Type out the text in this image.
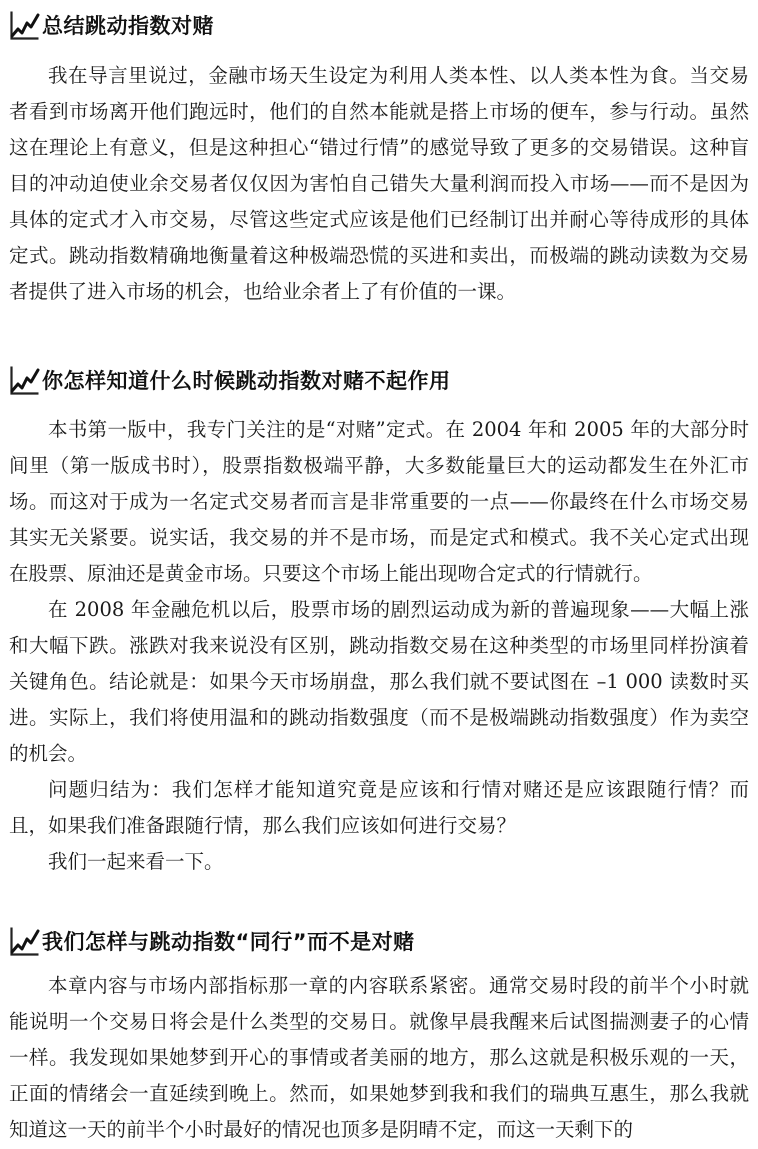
总结跳动指数对赌

我在导言里说过，金融市场天生设定为利用人类本性、以人类本性为食。当交易者看到市场离开他们跑远时，他们的自然本能就是搭上市场的便车，参与行动。虽然这在理论上有意义，但是这种担心“错过行情”的感觉导致了更多的交易错误。这种盲目的冲动迫使业余交易者仅仅因为害怕自己错失大量利润而投入市场——而不是因为具体的定式才入市交易，尽管这些定式应该是他们已经制订出并耐心等待成形的具体定式。跳动指数精确地衡量着这种极端恐慌的买进和卖出，而极端的跳动读数为交易者提供了进入市场的机会，也给业余者上了有价值的一课。

你怎样知道什么时候跳动指数对赌不起作用

本书第一版中，我专门关注的是“对赌”定式。在 2004 年和 2005 年的大部分时间里（第一版成书时），股票指数极端平静，大多数能量巨大的运动都发生在外汇市场。而这对于成为一名定式交易者而言是非常重要的一点——你最终在什么市场交易其实无关紧要。说实话，我交易的并不是市场，而是定式和模式。我不关心定式出现在股票、原油还是黄金市场。只要这个市场上能出现吻合定式的行情就行。

在 2008 年金融危机以后，股票市场的剧烈运动成为新的普遍现象——大幅上涨和大幅下跌。涨跌对我来说没有区别，跳动指数交易在这种类型的市场里同样扮演着关键角色。结论就是：如果今天市场崩盘，那么我们就不要试图在 –1 000 读数时买进。实际上，我们将使用温和的跳动指数强度（而不是极端跳动指数强度）作为卖空的机会。

问题归结为：我们怎样才能知道究竟是应该和行情对赌还是应该跟随行情？而且，如果我们准备跟随行情，那么我们应该如何进行交易？

我们一起来看一下。

我们怎样与跳动指数“同行”而不是对赌

本章内容与市场内部指标那一章的内容联系紧密。通常交易时段的前半个小时就能说明一个交易日将会是什么类型的交易日。就像早晨我醒来后试图揣测妻子的心情一样。我发现如果她梦到开心的事情或者美丽的地方，那么这就是积极乐观的一天，正面的情绪会一直延续到晚上。然而，如果她梦到我和我们的瑞典互惠生，那么我就知道这一天的前半个小时最好的情况也顶多是阴晴不定，而这一天剩下的
